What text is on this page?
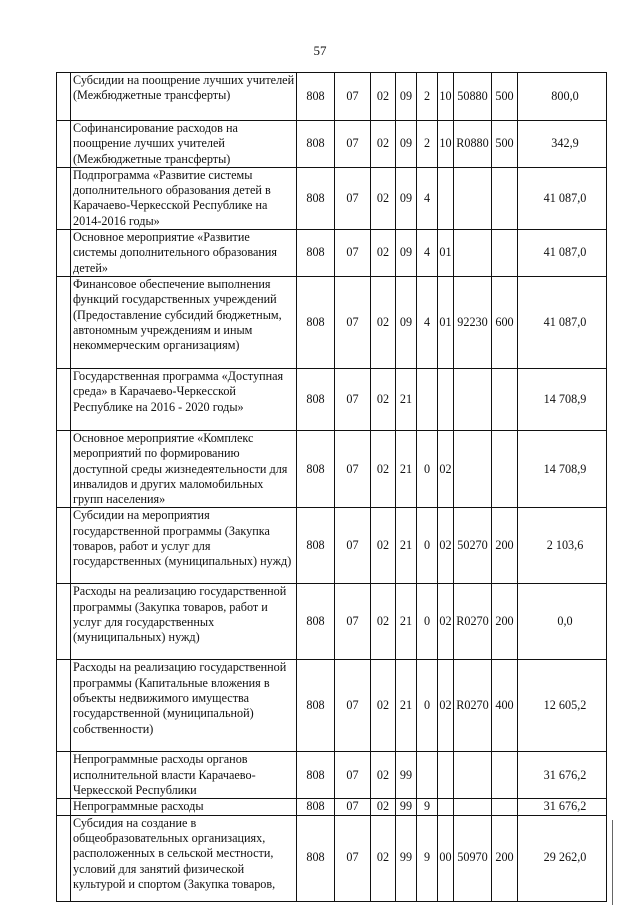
57
	Субсидии на поощрение лучших учителей (Межбюджетные трансферты)	808	07	02	09	2	10	50880	500	800,0
	Софинансирование расходов на поощрение лучших учителей (Межбюджетные трансферты)	808	07	02	09	2	10	R0880	500	342,9
	Подпрограмма «Развитие системы дополнительного образования детей в Карачаево-Черкесской Республике на 2014-2016 годы»	808	07	02	09	4				41 087,0
	Основное мероприятие «Развитие системы дополнительного образования детей»	808	07	02	09	4	01			41 087,0
	Финансовое обеспечение выполнения функций государственных учреждений (Предоставление субсидий бюджетным, автономным учреждениям и иным некоммерческим организациям)	808	07	02	09	4	01	92230	600	41 087,0
	Государственная программа «Доступная среда» в Карачаево-Черкесской Республике на 2016 - 2020 годы»	808	07	02	21					14 708,9
	Основное мероприятие «Комплекс мероприятий по формированию доступной среды жизнедеятельности для инвалидов и других маломобильных групп населения»	808	07	02	21	0	02			14 708,9
	Субсидии на мероприятия государственной программы (Закупка товаров, работ и услуг для государственных (муниципальных) нужд)	808	07	02	21	0	02	50270	200	2 103,6
	Расходы на реализацию государственной программы (Закупка товаров, работ и услуг для государственных (муниципальных) нужд)	808	07	02	21	0	02	R0270	200	0,0
	Расходы на реализацию государственной программы (Капитальные вложения в объекты недвижимого имущества государственной (муниципальной) собственности)	808	07	02	21	0	02	R0270	400	12 605,2
	Непрограммные расходы органов исполнительной власти Карачаево-Черкесской Республики	808	07	02	99					31 676,2
	Непрограммные расходы	808	07	02	99	9				31 676,2
	Субсидия на создание в общеобразовательных организациях, расположенных в сельской местности, условий для занятий физической культурой и спортом (Закупка товаров,	808	07	02	99	9	00	50970	200	29 262,0
